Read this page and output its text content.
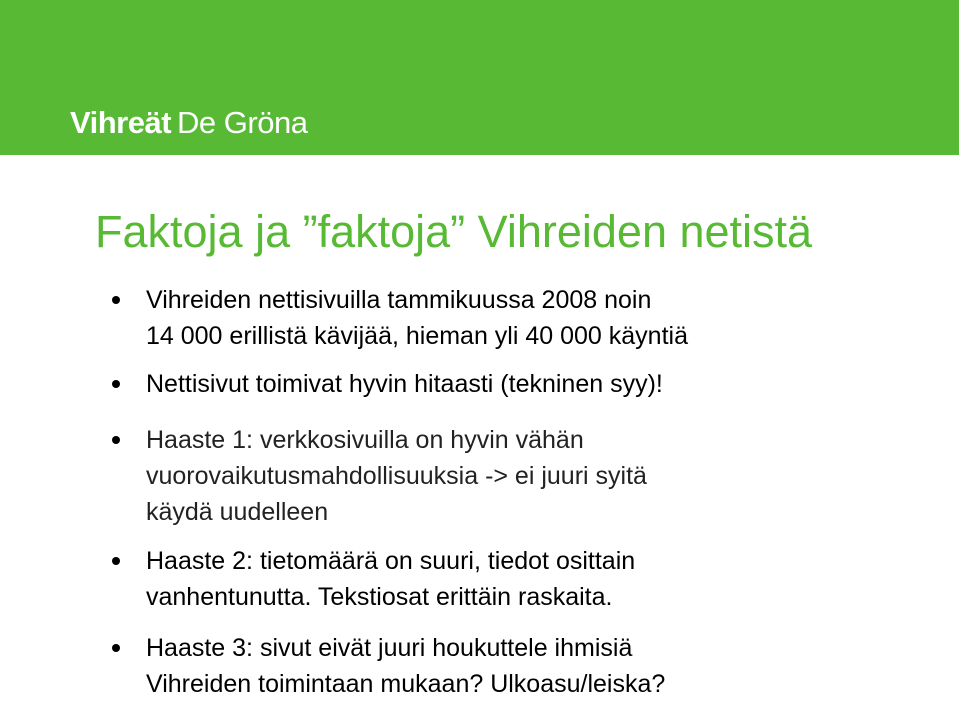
Vihreät De Gröna
Faktoja ja ”faktoja” Vihreiden netistä
Vihreiden nettisivuilla tammikuussa 2008 noin
14 000 erillistä kävijää, hieman yli 40 000 käyntiä
Nettisivut toimivat hyvin hitaasti (tekninen syy)!
Haaste 1: verkkosivuilla on hyvin vähän
vuorovaikutusmahdollisuuksia -> ei juuri syitä
käydä uudelleen
Haaste 2: tietomäärä on suuri, tiedot osittain
vanhentunutta. Tekstiosat erittäin raskaita.
Haaste 3: sivut eivät juuri houkuttele ihmisiä
Vihreiden toimintaan mukaan? Ulkoasu/leiska?
